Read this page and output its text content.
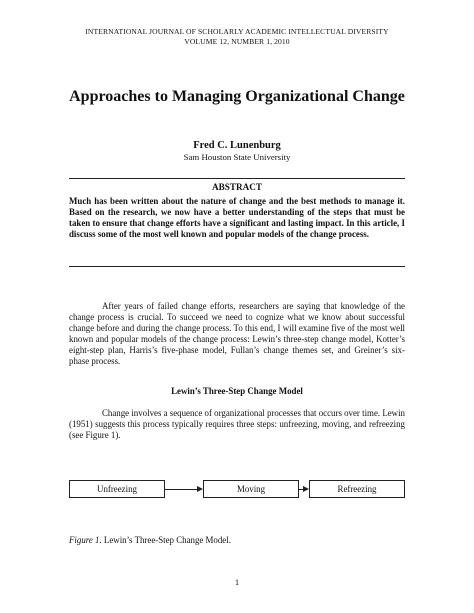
INTERNATIONAL JOURNAL OF SCHOLARLY ACADEMIC INTELLECTUAL DIVERSITY
VOLUME 12, NUMBER 1, 2010
Approaches to Managing Organizational Change
Fred C. Lunenburg
Sam Houston State University
ABSTRACT
Much has been written about the nature of change and the best methods to manage it. Based on the research, we now have a better understanding of the steps that must be taken to ensure that change efforts have a significant and lasting impact. In this article, I discuss some of the most well known and popular models of the change process.

After years of failed change efforts, researchers are saying that knowledge of the change process is crucial. To succeed we need to cognize what we know about successful change before and during the change process. To this end, I will examine five of the most well known and popular models of the change process: Lewin’s three-step change model, Kotter’s eight-step plan, Harris’s five-phase model, Fullan’s change themes set, and Greiner’s six-phase process.

Lewin’s Three-Step Change Model

Change involves a sequence of organizational processes that occurs over time. Lewin (1951) suggests this process typically requires three steps: unfreezing, moving, and refreezing (see Figure 1).

Unfreezing	Moving	Refreezing
Figure 1. Lewin’s Three-Step Change Model.
1
